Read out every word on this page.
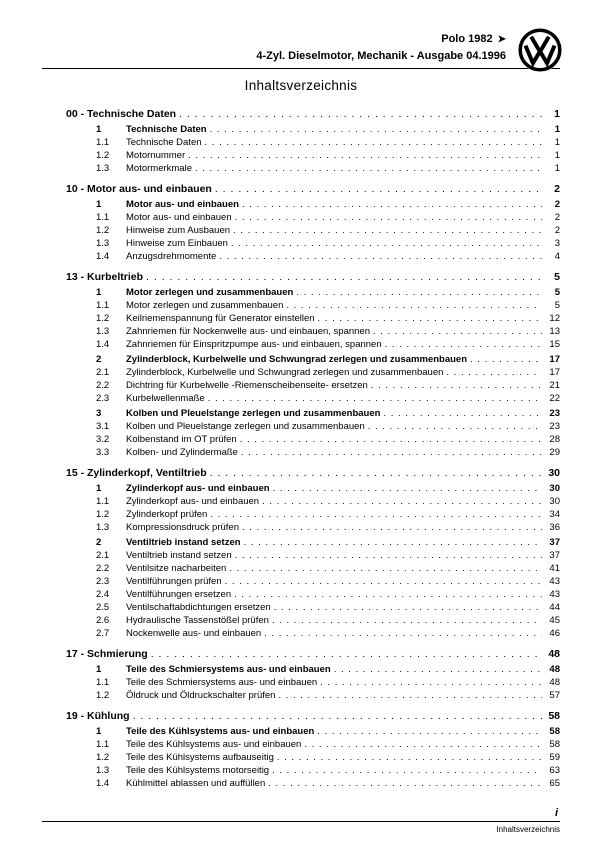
Polo 1982 ➤
4-Zyl. Dieselmotor, Mechanik - Ausgabe 04.1996
Inhaltsverzeichnis
00 - Technische Daten . . .	1
1	Technische Daten . . .	1
1.1	Technische Daten . . .	1
1.2	Motornummer . . .	1
1.3	Motormerkmale . . .	1
10 - Motor aus- und einbauen . . .	2
1	Motor aus- und einbauen . . .	2
1.1	Motor aus- und einbauen . . .	2
1.2	Hinweise zum Ausbauen . . .	2
1.3	Hinweise zum Einbauen . . .	3
1.4	Anzugsdrehmomente . . .	4
13 - Kurbeltrieb . . .	5
1	Motor zerlegen und zusammenbauen . . .	5
1.1	Motor zerlegen und zusammenbauen . . .	5
1.2	Keilriemenspannung für Generator einstellen . . .	12
1.3	Zahnriemen für Nockenwelle aus- und einbauen, spannen . . .	13
1.4	Zahnriemen für Einspritzpumpe aus- und einbauen, spannen . . .	15
2	Zylinderblock, Kurbelwelle und Schwungrad zerlegen und zusammenbauen . . .	17
2.1	Zylinderblock, Kurbelwelle und Schwungrad zerlegen und zusammenbauen . . .	17
2.2	Dichtring für Kurbelwelle -Riemenscheibenseite- ersetzen . . .	21
2.3	Kurbelwellenmaße . . .	22
3	Kolben und Pleuelstange zerlegen und zusammenbauen . . .	23
3.1	Kolben und Pleuelstange zerlegen und zusammenbauen . . .	23
3.2	Kolbenstand im OT prüfen . . .	28
3.3	Kolben- und Zylindermaße . . .	29
15 - Zylinderkopf, Ventiltrieb . . .	30
1	Zylinderkopf aus- und einbauen . . .	30
1.1	Zylinderkopf aus- und einbauen . . .	30
1.2	Zylinderkopf prüfen . . .	34
1.3	Kompressionsdruck prüfen . . .	36
2	Ventiltrieb instand setzen . . .	37
2.1	Ventiltrieb instand setzen . . .	37
2.2	Ventilsitze nacharbeiten . . .	41
2.3	Ventilführungen prüfen . . .	43
2.4	Ventilführungen ersetzen . . .	43
2.5	Ventilschaftabdichtungen ersetzen . . .	44
2.6	Hydraulische Tassenstößel prüfen . . .	45
2.7	Nockenwelle aus- und einbauen . . .	46
17 - Schmierung . . .	48
1	Teile des Schmiersystems aus- und einbauen . . .	48
1.1	Teile des Schmiersystems aus- und einbauen . . .	48
1.2	Öldruck und Öldruckschalter prüfen . . .	57
19 - Kühlung . . .	58
1	Teile des Kühlsystems aus- und einbauen . . .	58
1.1	Teile des Kühlsystems aus- und einbauen . . .	58
1.2	Teile des Kühlsystems aufbauseitig . . .	59
1.3	Teile des Kühlsystems motorseitig . . .	63
1.4	Kühlmittel ablassen und auffüllen . . .	65
i
Inhaltsverzeichnis
